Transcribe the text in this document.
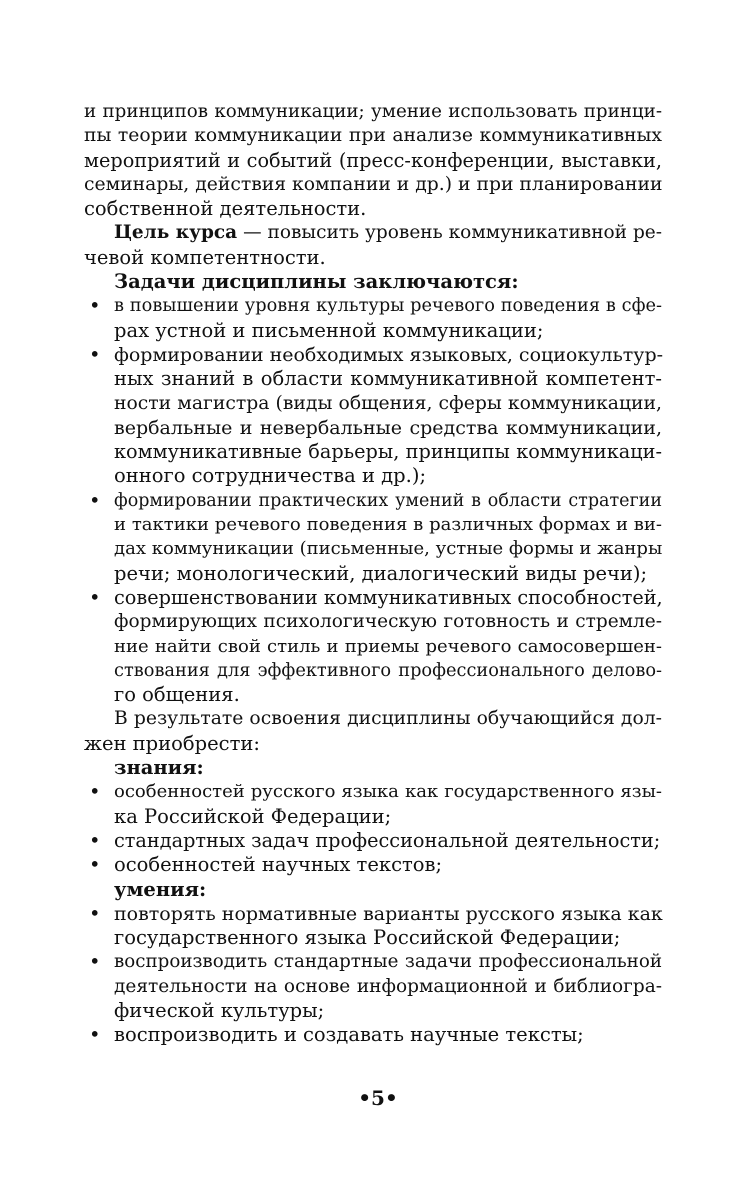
и принципов коммуникации; умение использовать принци-
пы теории коммуникации при анализе коммуникативных
мероприятий и событий (пресс-конференции, выставки,
семинары, действия компании и др.) и при планировании
собственной деятельности.
Цель курса — повысить уровень коммуникативной ре-
чевой компетентности.
Задачи дисциплины заключаются:
• в повышении уровня культуры речевого поведения в сфе-
рах устной и письменной коммуникации;
• формировании необходимых языковых, социокультур-
ных знаний в области коммуникативной компетент-
ности магистра (виды общения, сферы коммуникации,
вербальные и невербальные средства коммуникации,
коммуникативные барьеры, принципы коммуникаци-
онного сотрудничества и др.);
• формировании практических умений в области стратегии
и тактики речевого поведения в различных формах и ви-
дах коммуникации (письменные, устные формы и жанры
речи; монологический, диалогический виды речи);
• совершенствовании коммуникативных способностей,
формирующих психологическую готовность и стремле-
ние найти свой стиль и приемы речевого самосовершен-
ствования для эффективного профессионального делово-
го общения.
В результате освоения дисциплины обучающийся дол-
жен приобрести:
знания:
• особенностей русского языка как государственного язы-
ка Российской Федерации;
• стандартных задач профессиональной деятельности;
• особенностей научных текстов;
умения:
• повторять нормативные варианты русского языка как
государственного языка Российской Федерации;
• воспроизводить стандартные задачи профессиональной
деятельности на основе информационной и библиогра-
фической культуры;
• воспроизводить и создавать научные тексты;
•5•
